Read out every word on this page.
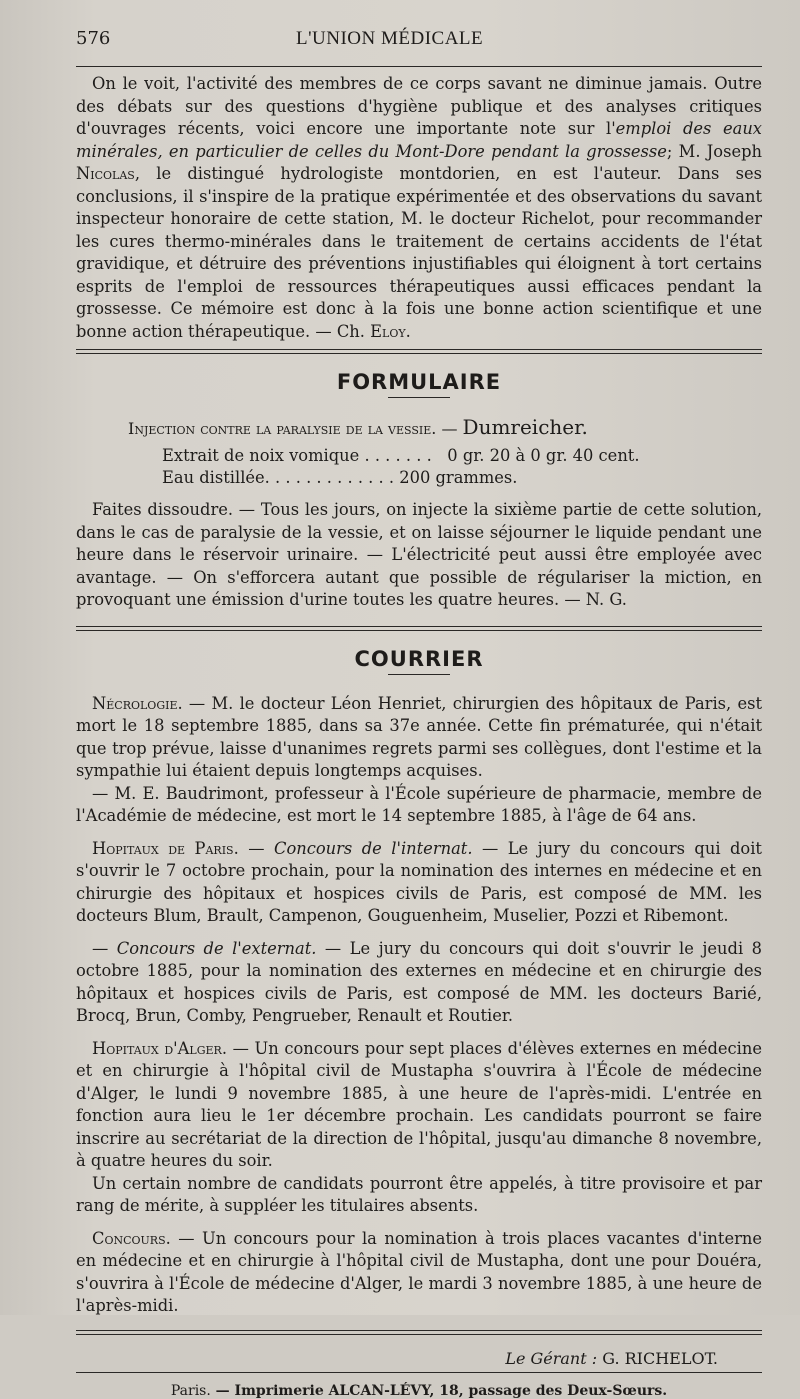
576	L'UNION MÉDICALE

On le voit, l'activité des membres de ce corps savant ne diminue jamais. Outre des débats sur des questions d'hygiène publique et des analyses critiques d'ouvrages récents, voici encore une importante note sur l'emploi des eaux minérales, en particulier de celles du Mont-Dore pendant la grossesse; M. Joseph Nicolas, le distingué hydrologiste montdorien, en est l'auteur. Dans ses conclusions, il s'inspire de la pratique expérimentée et des observations du savant inspecteur honoraire de cette station, M. le docteur Richelot, pour recommander les cures thermo-minérales dans le traitement de certains accidents de l'état gravidique, et détruire des préventions injustifiables qui éloignent à tort certains esprits de l'emploi de ressources thérapeutiques aussi efficaces pendant la grossesse. Ce mémoire est donc à la fois une bonne action scientifique et une bonne action thérapeutique. — Ch. Eloy.

FORMULAIRE
Injection contre la paralysie de la vessie. — Dumreicher.
Extrait de noix vomique . . . . . . . 0 gr. 20 à 0 gr. 40 cent.
Eau distillée. . . . . . . . . . . . . 200 grammes.

Faites dissoudre. — Tous les jours, on injecte la sixième partie de cette solution, dans le cas de paralysie de la vessie, et on laisse séjourner le liquide pendant une heure dans le réservoir urinaire. — L'électricité peut aussi être employée avec avantage. — On s'efforcera autant que possible de régulariser la miction, en provoquant une émission d'urine toutes les quatre heures. — N. G.

COURRIER

Nécrologie. — M. le docteur Léon Henriet, chirurgien des hôpitaux de Paris, est mort le 18 septembre 1885, dans sa 37e année. Cette fin prématurée, qui n'était que trop prévue, laisse d'unanimes regrets parmi ses collègues, dont l'estime et la sympathie lui étaient depuis longtemps acquises.

— M. E. Baudrimont, professeur à l'École supérieure de pharmacie, membre de l'Académie de médecine, est mort le 14 septembre 1885, à l'âge de 64 ans.

Hopitaux de Paris. — Concours de l'internat. — Le jury du concours qui doit s'ouvrir le 7 octobre prochain, pour la nomination des internes en médecine et en chirurgie des hôpitaux et hospices civils de Paris, est composé de MM. les docteurs Blum, Brault, Campenon, Gouguenheim, Muselier, Pozzi et Ribemont.

— Concours de l'externat. — Le jury du concours qui doit s'ouvrir le jeudi 8 octobre 1885, pour la nomination des externes en médecine et en chirurgie des hôpitaux et hospices civils de Paris, est composé de MM. les docteurs Barié, Brocq, Brun, Comby, Pengrueber, Renault et Routier.

Hopitaux d'Alger. — Un concours pour sept places d'élèves externes en médecine et en chirurgie à l'hôpital civil de Mustapha s'ouvrira à l'École de médecine d'Alger, le lundi 9 novembre 1885, à une heure de l'après-midi. L'entrée en fonction aura lieu le 1er décembre prochain. Les candidats pourront se faire inscrire au secrétariat de la direction de l'hôpital, jusqu'au dimanche 8 novembre, à quatre heures du soir.

Un certain nombre de candidats pourront être appelés, à titre provisoire et par rang de mérite, à suppléer les titulaires absents.

Concours. — Un concours pour la nomination à trois places vacantes d'interne en médecine et en chirurgie à l'hôpital civil de Mustapha, dont une pour Douéra, s'ouvrira à l'École de médecine d'Alger, le mardi 3 novembre 1885, à une heure de l'après-midi.

Le Gérant : G. RICHELOT.
Paris. — Imprimerie ALCAN-LÉVY, 18, passage des Deux-Sœurs.
